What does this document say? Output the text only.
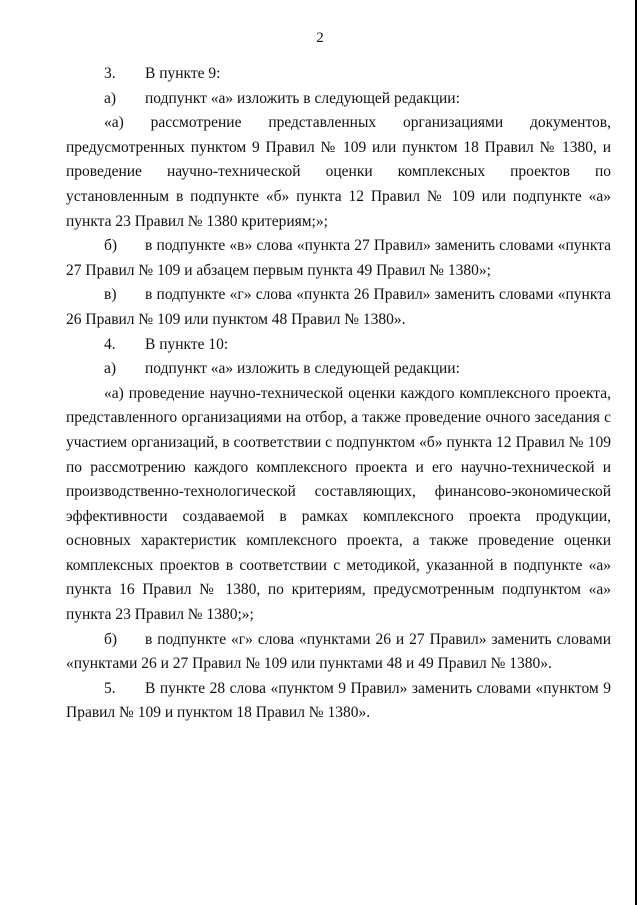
2

3. В пункте 9:

а) подпункт «а» изложить в следующей редакции:

«а) рассмотрение представленных организациями документов, предусмотренных пунктом 9 Правил № 109 или пунктом 18 Правил № 1380, и проведение научно-технической оценки комплексных проектов по установленным в подпункте «б» пункта 12 Правил № 109 или подпункте «а» пункта 23 Правил № 1380 критериям;»;

б) в подпункте «в» слова «пункта 27 Правил» заменить словами «пункта 27 Правил № 109 и абзацем первым пункта 49 Правил № 1380»;

в) в подпункте «г» слова «пункта 26 Правил» заменить словами «пункта 26 Правил № 109 или пунктом 48 Правил № 1380».

4. В пункте 10:

а) подпункт «а» изложить в следующей редакции:

«а) проведение научно-технической оценки каждого комплексного проекта, представленного организациями на отбор, а также проведение очного заседания с участием организаций, в соответствии с подпунктом «б» пункта 12 Правил № 109 по рассмотрению каждого комплексного проекта и его научно-технической и производственно-технологической составляющих, финансово-экономической эффективности создаваемой в рамках комплексного проекта продукции, основных характеристик комплексного проекта, а также проведение оценки комплексных проектов в соответствии с методикой, указанной в подпункте «а» пункта 16 Правил № 1380, по критериям, предусмотренным подпунктом «а» пункта 23 Правил № 1380;»;

б) в подпункте «г» слова «пунктами 26 и 27 Правил» заменить словами «пунктами 26 и 27 Правил № 109 или пунктами 48 и 49 Правил № 1380».

5. В пункте 28 слова «пунктом 9 Правил» заменить словами «пунктом 9 Правил № 109 и пунктом 18 Правил № 1380».
